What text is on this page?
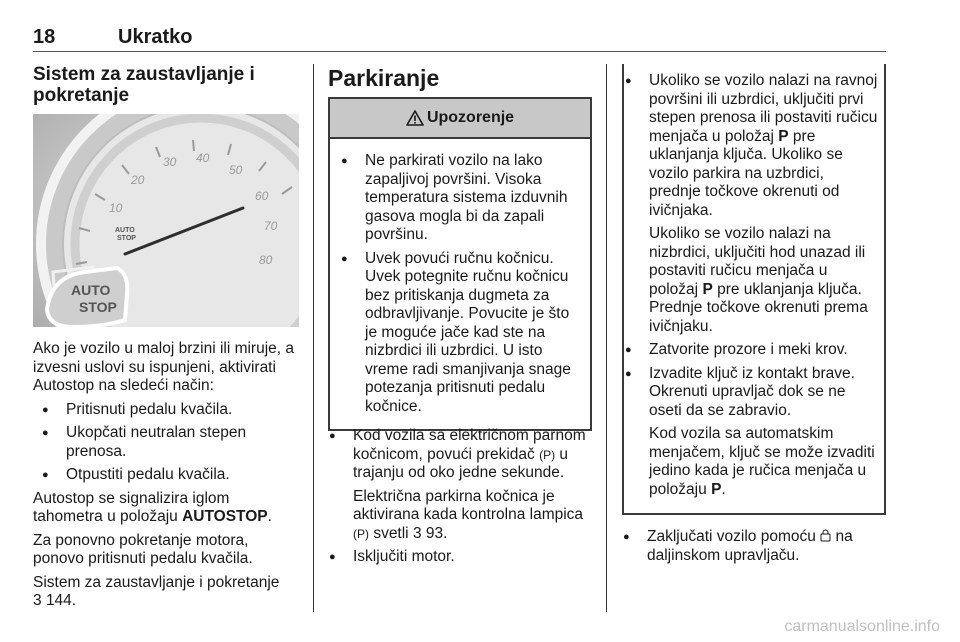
18	Ukratko
Sistem za zaustavljanje i pokretanje
10
20
30 40
50
60
70
80
AUTO
STOP
AUTO
STOP

Ako je vozilo u maloj brzini ili miruje, a izvesni uslovi su ispunjeni, aktivirati Autostop na sledeći način:

● Pritisnuti pedalu kvačila.
● Ukopčati neutralan stepen prenosa.
● Otpustiti pedalu kvačila.

Autostop se signalizira iglom tahometra u položaju AUTOSTOP.

Za ponovno pokretanje motora, ponovo pritisnuti pedalu kvačila.

Sistem za zaustavljanje i pokretanje
3 144.

Parkiranje
Upozorenje
● Ne parkirati vozilo na lako zapaljivoj površini. Visoka temperatura sistema izduvnih gasova mogla bi da zapali površinu.
● Uvek povući ručnu kočnicu. Uvek potegnite ručnu kočnicu bez pritiskanja dugmeta za odbravljivanje. Povucite je što je moguće jače kad ste na nizbrdici ili uzbrdici. U isto vreme radi smanjivanja snage potezanja pritisnuti pedalu kočnice.
● Kod vozila sa električnom parnom kočnicom, povući prekidač (P) u trajanju od oko jedne sekunde.
Električna parkirna kočnica je aktivirana kada kontrolna lampica (P) svetli 3 93.
● Isključiti motor.
● Ukoliko se vozilo nalazi na ravnoj površini ili uzbrdici, uključiti prvi stepen prenosa ili postaviti ručicu menjača u položaj P pre uklanjanja ključa. Ukoliko se vozilo parkira na uzbrdici, prednje točkove okrenuti od ivičnjaka.
Ukoliko se vozilo nalazi na nizbrdici, uključiti hod unazad ili postaviti ručicu menjača u položaj P pre uklanjanja ključa. Prednje točkove okrenuti prema ivičnjaku.
● Zatvorite prozore i meki krov.
● Izvadite ključ iz kontakt brave. Okrenuti upravljač dok se ne oseti da se zabravio.
Kod vozila sa automatskim menjačem, ključ se može izvaditi jedino kada je ručica menjača u položaju P.
● Zaključati vozilo pomoću na daljinskom upravljaču.
carmanualsonline.info
